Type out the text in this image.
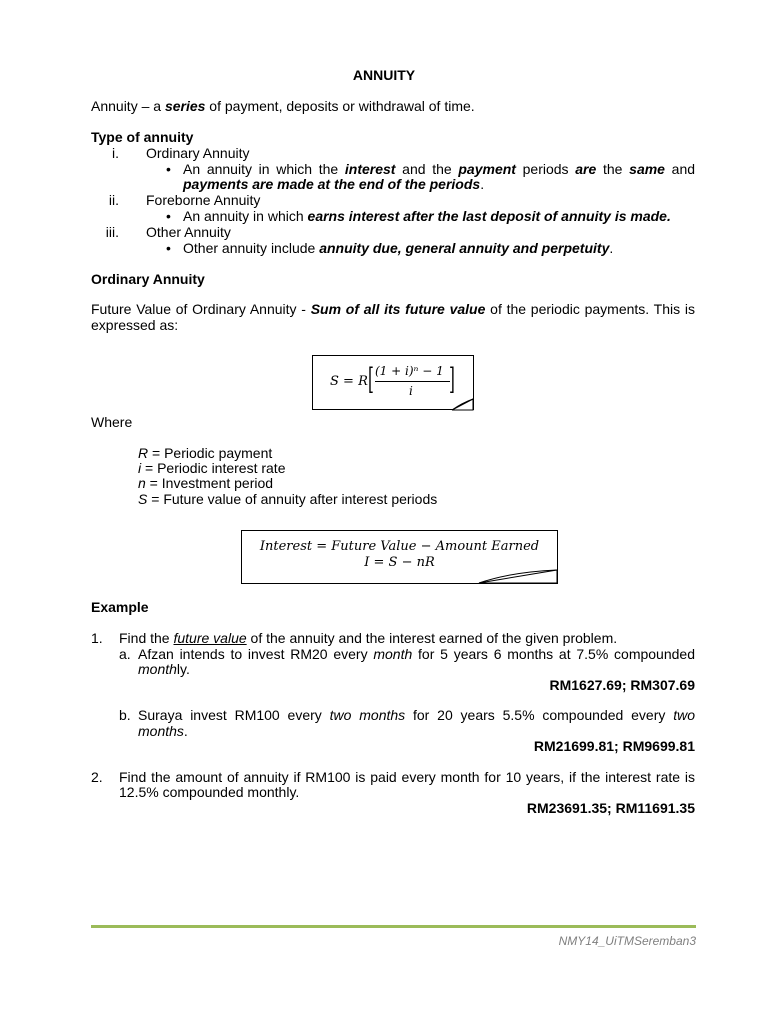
ANNUITY
Annuity – a series of payment, deposits or withdrawal of time.
Type of annuity
i. Ordinary Annuity
• An annuity in which the interest and the payment periods are the same and
payments are made at the end of the periods.
ii. Foreborne Annuity
• An annuity in which earns interest after the last deposit of annuity is made.
iii. Other Annuity
• Other annuity include annuity due, general annuity and perpetuity.
Ordinary Annuity
Future Value of Ordinary Annuity - Sum of all its future value of the periodic payments. This is
expressed as:
S = R [ (1 + i)ⁿ − 1
i ]
Where
R = Periodic payment
i = Periodic interest rate
n = Investment period
S = Future value of annuity after interest periods
Interest = Future Value − Amount Earned
I = S − nR
Example
1. Find the future value of the annuity and the interest earned of the given problem.
a. Afzan intends to invest RM20 every month for 5 years 6 months at 7.5% compounded
monthly.
RM1627.69; RM307.69
b. Suraya invest RM100 every two months for 20 years 5.5% compounded every two
months.
RM21699.81; RM9699.81
2. Find the amount of annuity if RM100 is paid every month for 10 years, if the interest rate is
12.5% compounded monthly.
RM23691.35; RM11691.35
NMY14_UiTMSeremban3
